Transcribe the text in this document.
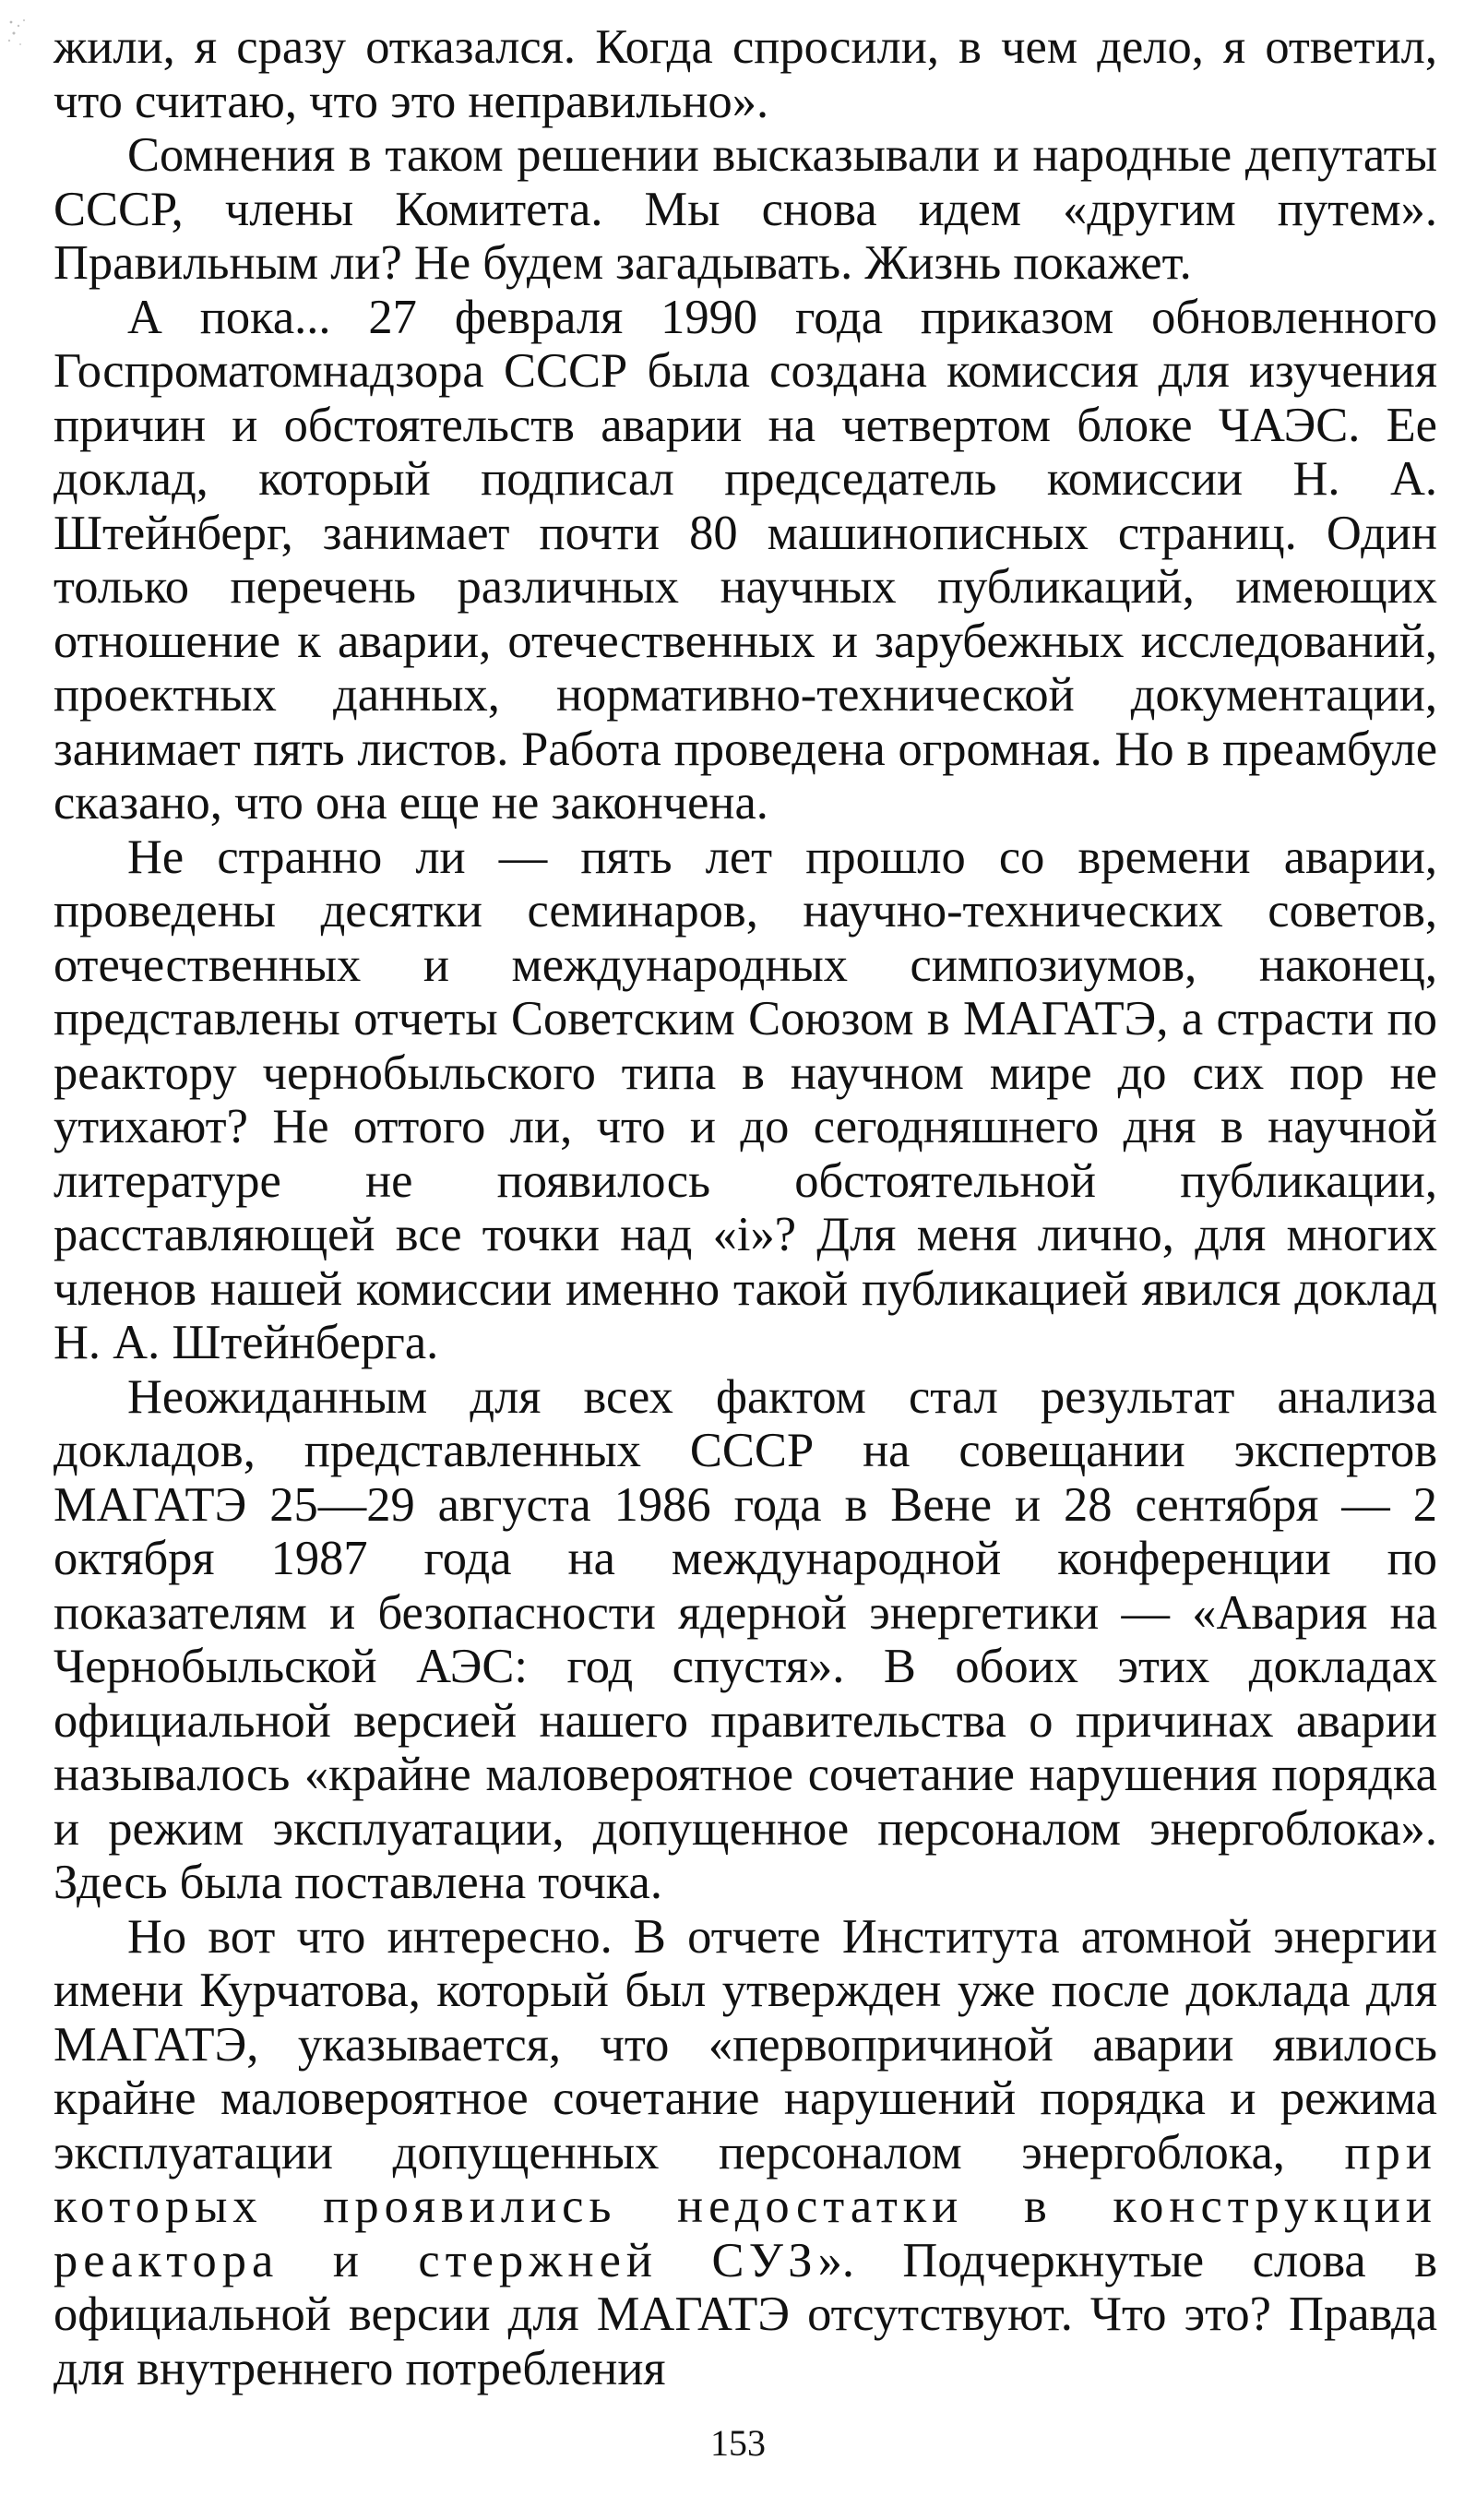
жили, я сразу отказался. Когда спросили, в чем дело, я ответил, что считаю, что это неправильно».

Сомнения в таком решении высказывали и народные депутаты СССР, члены Комитета. Мы снова идем «другим путем». Правильным ли? Не будем загадывать. Жизнь покажет.

А пока... 27 февраля 1990 года приказом обновленного Госпроматомнадзора СССР была создана комиссия для изучения причин и обстоятельств аварии на четвертом блоке ЧАЭС. Ее доклад, который подписал председатель комиссии Н. А. Штейнберг, занимает почти 80 машинописных страниц. Один только перечень различных научных публикаций, имеющих отношение к аварии, отечественных и зарубежных исследований, проектных данных, нормативно-технической документации, занимает пять листов. Работа проведена огромная. Но в преамбуле сказано, что она еще не закончена.

Не странно ли — пять лет прошло со времени аварии, проведены десятки семинаров, научно-технических советов, отечественных и международных симпозиумов, наконец, представлены отчеты Советским Союзом в МАГАТЭ, а страсти по реактору чернобыльского типа в научном мире до сих пор не утихают? Не оттого ли, что и до сегодняшнего дня в научной литературе не появилось обстоятельной публикации, расставляющей все точки над «і»? Для меня лично, для многих членов нашей комиссии именно такой публикацией явился доклад Н. А. Штейнберга.

Неожиданным для всех фактом стал результат анализа докладов, представленных СССР на совещании экспертов МАГАТЭ 25—29 августа 1986 года в Вене и 28 сентября — 2 октября 1987 года на международной конференции по показателям и безопасности ядерной энергетики — «Авария на Чернобыльской АЭС: год спустя». В обоих этих докладах официальной версией нашего правительства о причинах аварии называлось «крайне маловероятное сочетание нарушения порядка и режим эксплуатации, допущенное персоналом энергоблока». Здесь была поставлена точка.

Но вот что интересно. В отчете Института атомной энергии имени Курчатова, который был утвержден уже после доклада для МАГАТЭ, указывается, что «первопричиной аварии явилось крайне маловероятное сочетание нарушений порядка и режима эксплуатации допущенных персоналом энергоблока, при которых проявились недостатки в конструкции реактора и стержней СУЗ». Подчеркнутые слова в официальной версии для МАГАТЭ отсутствуют. Что это? Правда для внутреннего потребления

153
